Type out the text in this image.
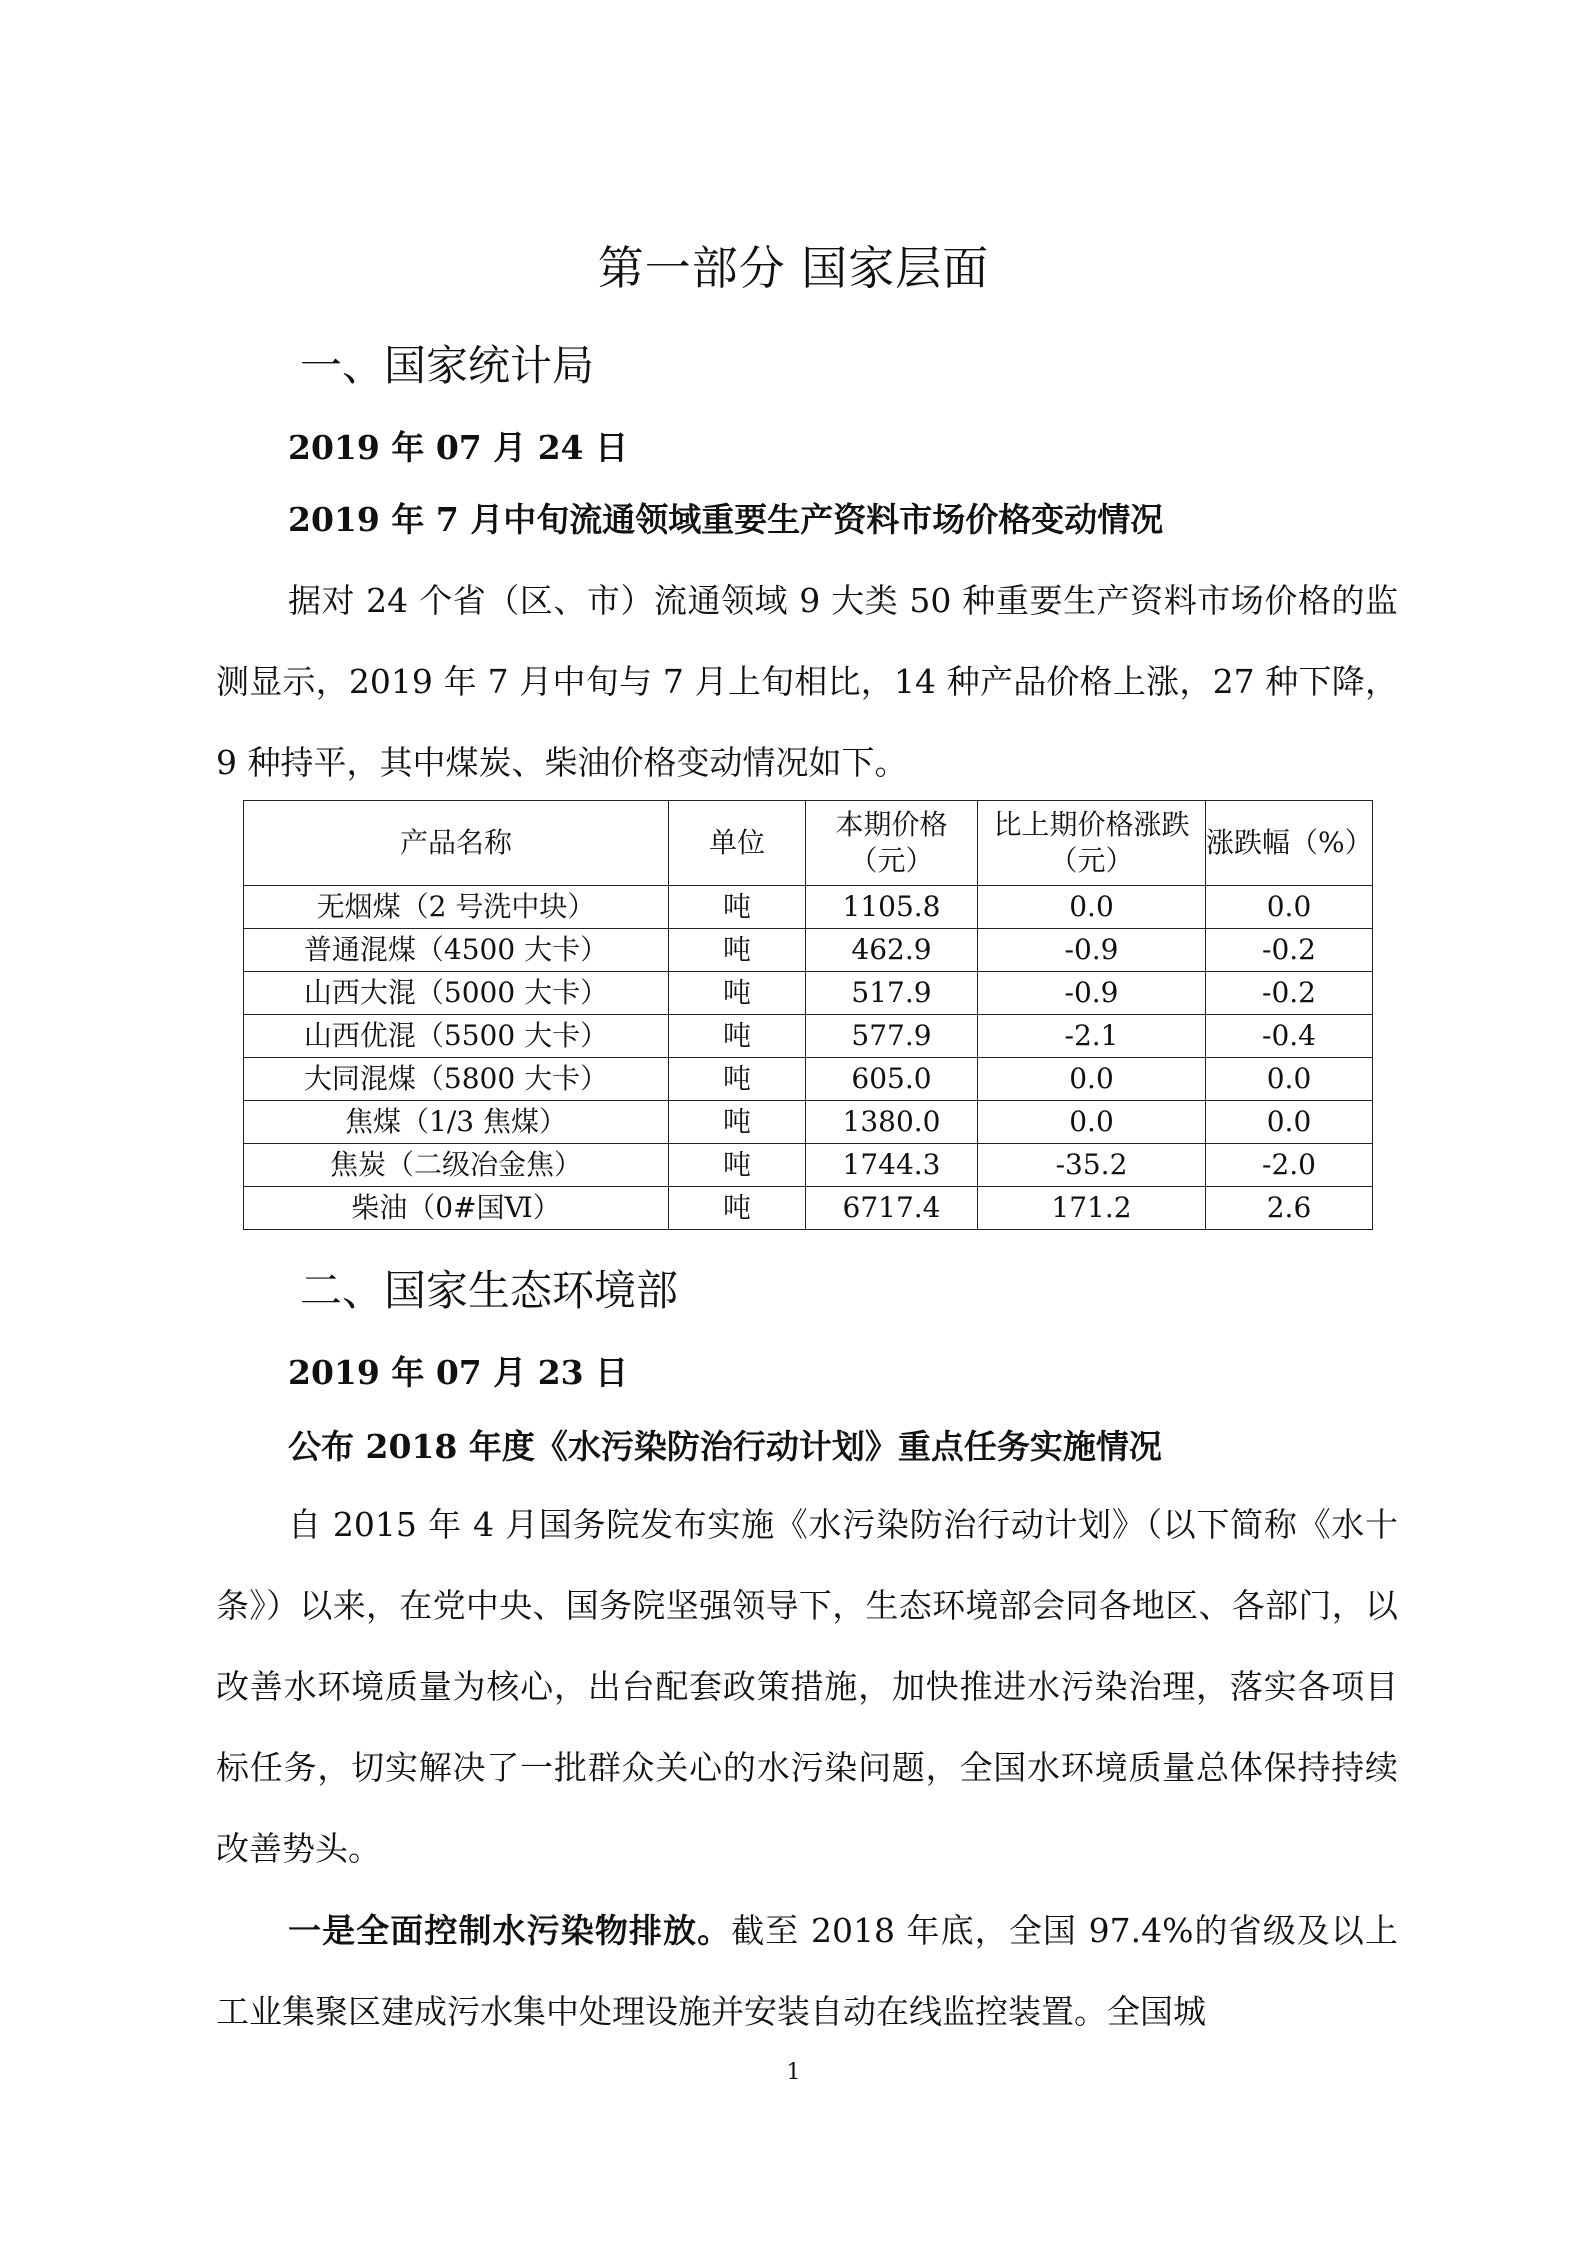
第一部分 国家层面
一、国家统计局
2019 年 07 月 24 日
2019 年 7 月中旬流通领域重要生产资料市场价格变动情况

据对 24 个省（区、市）流通领域 9 大类 50 种重要生产资料市场价格的监测显示，2019 年 7 月中旬与 7 月上旬相比，14 种产品价格上涨，27 种下降，9 种持平，其中煤炭、柴油价格变动情况如下。

产品名称	单位	本期价格（元）	比上期价格涨跌（元）	涨跌幅（%）
无烟煤（2 号洗中块）	吨	1105.8	0.0	0.0
普通混煤（4500 大卡）	吨	462.9	-0.9	-0.2
山西大混（5000 大卡）	吨	517.9	-0.9	-0.2
山西优混（5500 大卡）	吨	577.9	-2.1	-0.4
大同混煤（5800 大卡）	吨	605.0	0.0	0.0
焦煤（1/3 焦煤）	吨	1380.0	0.0	0.0
焦炭（二级冶金焦）	吨	1744.3	-35.2	-2.0
柴油（0#国Ⅵ）	吨	6717.4	171.2	2.6
二、国家生态环境部
2019 年 07 月 23 日
公布 2018 年度《水污染防治行动计划》重点任务实施情况

自 2015 年 4 月国务院发布实施《水污染防治行动计划》（以下简称《水十条》）以来，在党中央、国务院坚强领导下，生态环境部会同各地区、各部门，以改善水环境质量为核心，出台配套政策措施，加快推进水污染治理，落实各项目标任务，切实解决了一批群众关心的水污染问题，全国水环境质量总体保持持续改善势头。

一是全面控制水污染物排放。截至 2018 年底，全国 97.4%的省级及以上工业集聚区建成污水集中处理设施并安装自动在线监控装置。全国城

1
